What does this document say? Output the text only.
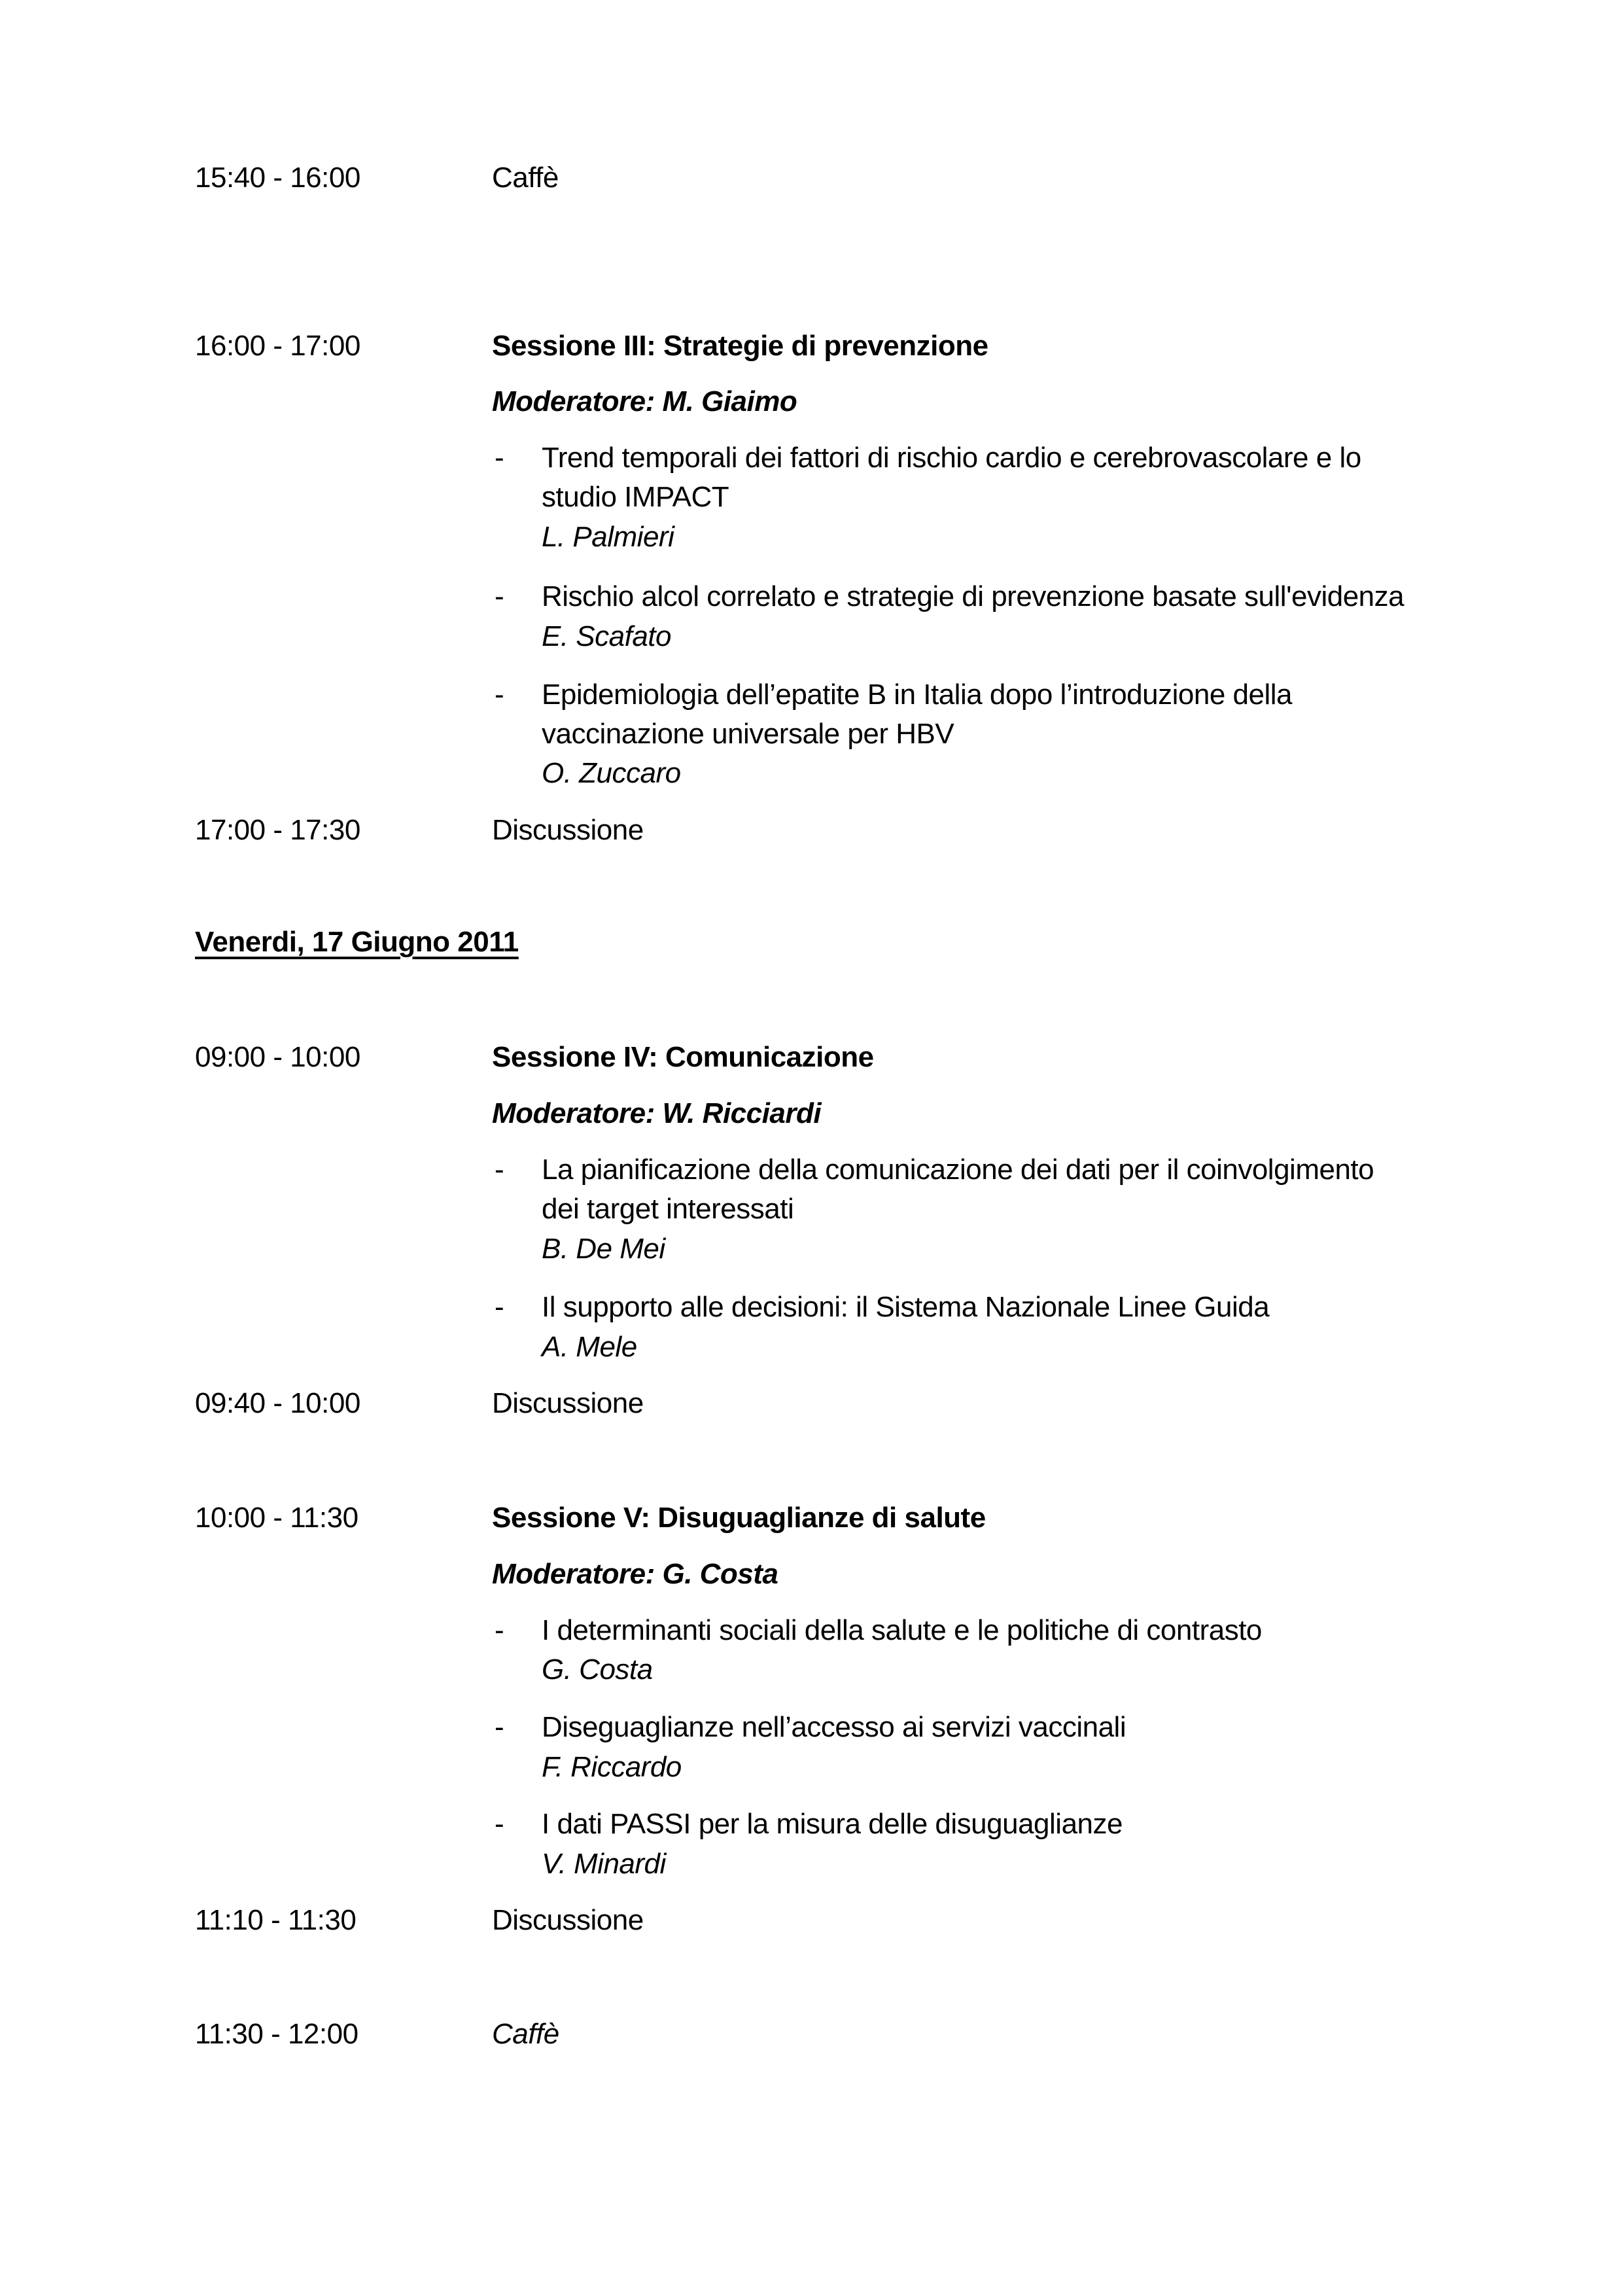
15:40 - 16:00	Caffè
16:00 - 17:00	Sessione III: Strategie di prevenzione
Moderatore: M. Giaimo
- Trend temporali dei fattori di rischio cardio e cerebrovascolare e lo
studio IMPACT
L. Palmieri
- Rischio alcol correlato e strategie di prevenzione basate sull'evidenza
E. Scafato
- Epidemiologia dell’epatite B in Italia dopo l’introduzione della
vaccinazione universale per HBV
O. Zuccaro
17:00 - 17:30	Discussione
Venerdi, 17 Giugno 2011
09:00 - 10:00	Sessione IV: Comunicazione
Moderatore: W. Ricciardi
- La pianificazione della comunicazione dei dati per il coinvolgimento
dei target interessati
B. De Mei
- Il supporto alle decisioni: il Sistema Nazionale Linee Guida
A. Mele
09:40 - 10:00	Discussione
10:00 - 11:30	Sessione V: Disuguaglianze di salute
Moderatore: G. Costa
- I determinanti sociali della salute e le politiche di contrasto
G. Costa
- Diseguaglianze nell’accesso ai servizi vaccinali
F. Riccardo
- I dati PASSI per la misura delle disuguaglianze
V. Minardi
11:10 - 11:30	Discussione
11:30 - 12:00	Caffè
